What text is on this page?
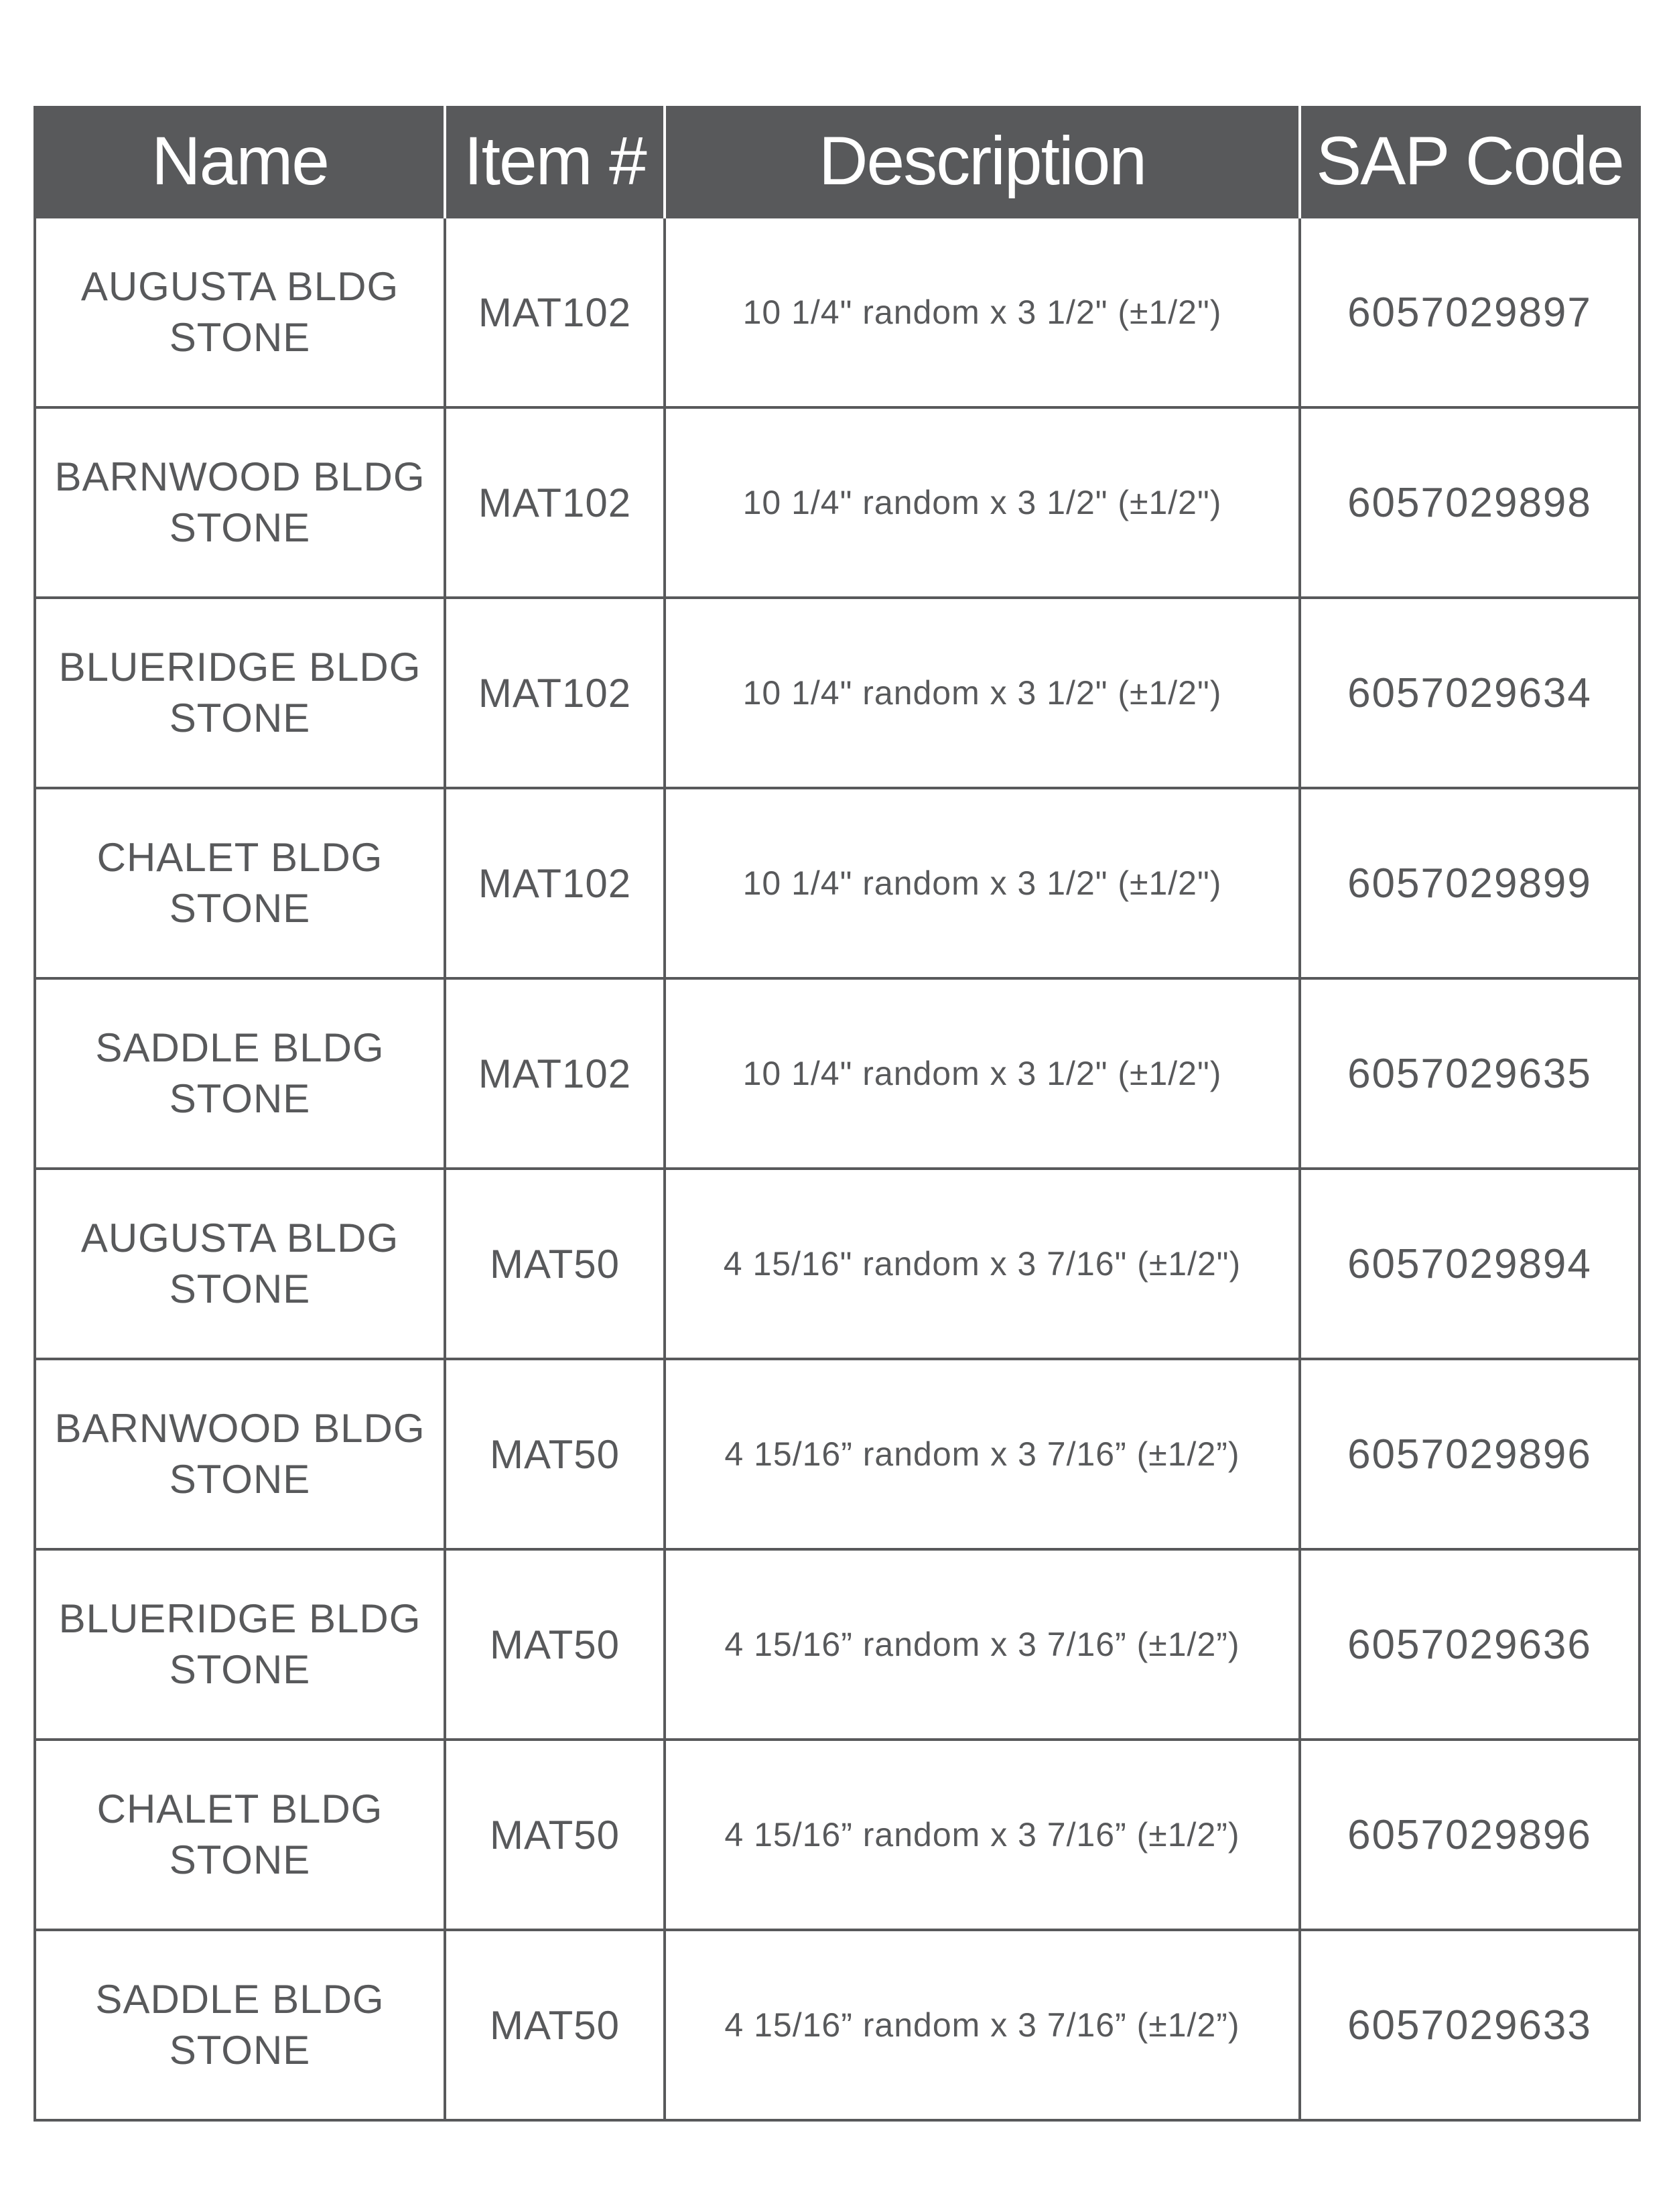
Name	Item #	Description	SAP Code

AUGUSTA BLDG
STONE	MAT102	10 1/4" random x 3 1/2" (±1/2")	6057029897

BARNWOOD BLDG
STONE	MAT102	10 1/4" random x 3 1/2" (±1/2")	6057029898

BLUERIDGE BLDG
STONE	MAT102	10 1/4" random x 3 1/2" (±1/2")	6057029634

CHALET BLDG
STONE	MAT102	10 1/4" random x 3 1/2" (±1/2")	6057029899

SADDLE BLDG
STONE	MAT102	10 1/4" random x 3 1/2" (±1/2")	6057029635

AUGUSTA BLDG
STONE	MAT50	4 15/16" random x 3 7/16" (±1/2")	6057029894

BARNWOOD BLDG
STONE	MAT50	4 15/16” random x 3 7/16” (±1/2”)	6057029896

BLUERIDGE BLDG
STONE	MAT50	4 15/16” random x 3 7/16” (±1/2”)	6057029636

CHALET BLDG
STONE	MAT50	4 15/16” random x 3 7/16” (±1/2”)	6057029896

SADDLE BLDG
STONE	MAT50	4 15/16” random x 3 7/16” (±1/2”)	6057029633
